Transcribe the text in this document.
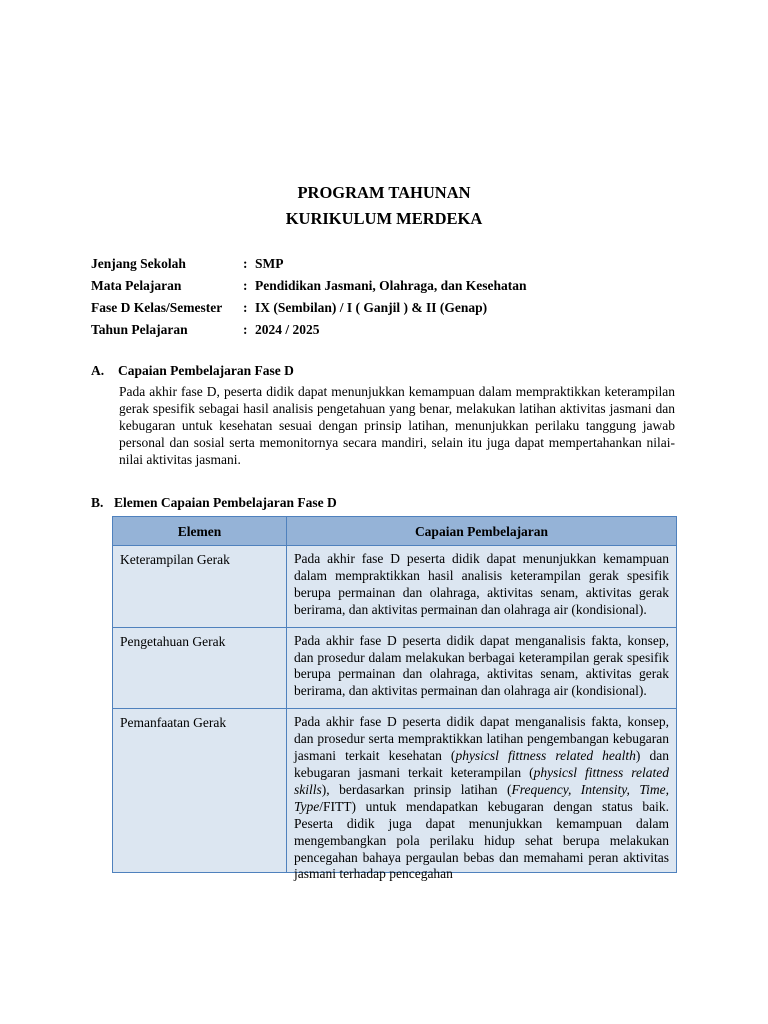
PROGRAM TAHUNAN
KURIKULUM MERDEKA
Jenjang Sekolah	: SMP
Mata Pelajaran	: Pendidikan Jasmani, Olahraga, dan Kesehatan
Fase D Kelas/Semester	: IX (Sembilan) / I ( Ganjil ) & II (Genap)
Tahun Pelajaran	: 2024 / 2025
A. Capaian Pembelajaran Fase D
Pada akhir fase D, peserta didik dapat menunjukkan kemampuan dalam mempraktikkan keterampilan gerak spesifik sebagai hasil analisis pengetahuan yang benar, melakukan latihan aktivitas jasmani dan kebugaran untuk kesehatan sesuai dengan prinsip latihan, menunjukkan perilaku tanggung jawab personal dan sosial serta memonitornya secara mandiri, selain itu juga dapat mempertahankan nilai-nilai aktivitas jasmani.
B. Elemen Capaian Pembelajaran Fase D
Elemen	Capaian Pembelajaran
Keterampilan Gerak	Pada akhir fase D peserta didik dapat menunjukkan kemampuan dalam mempraktikkan hasil analisis keterampilan gerak spesifik berupa permainan dan olahraga, aktivitas senam, aktivitas gerak berirama, dan aktivitas permainan dan olahraga air (kondisional).
Pengetahuan Gerak	Pada akhir fase D peserta didik dapat menganalisis fakta, konsep, dan prosedur dalam melakukan berbagai keterampilan gerak spesifik berupa permainan dan olahraga, aktivitas senam, aktivitas gerak berirama, dan aktivitas permainan dan olahraga air (kondisional).
Pemanfaatan Gerak	Pada akhir fase D peserta didik dapat menganalisis fakta, konsep, dan prosedur serta mempraktikkan latihan pengembangan kebugaran jasmani terkait kesehatan (physicsl fittness related health) dan kebugaran jasmani terkait keterampilan (physicsl fittness related skills), berdasarkan prinsip latihan (Frequency, Intensity, Time, Type/FITT) untuk mendapatkan kebugaran dengan status baik. Peserta didik juga dapat menunjukkan kemampuan dalam mengembangkan pola perilaku hidup sehat berupa melakukan pencegahan bahaya pergaulan bebas dan memahami peran aktivitas jasmani terhadap pencegahan
